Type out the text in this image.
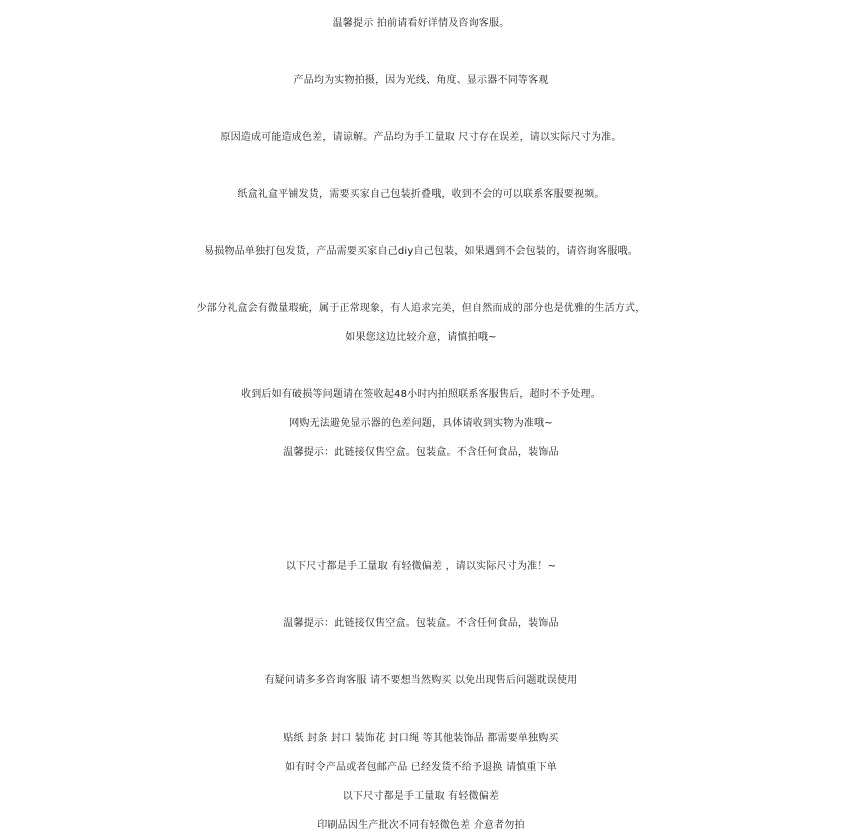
温馨提示 拍前请看好详情及咨询客服。
产品均为实物拍摄，因为光线、角度、显示器不同等客观
原因造成可能造成色差，请谅解。产品均为手工量取 尺寸存在误差，请以实际尺寸为准。
纸盒礼盒平铺发货，需要买家自己包装折叠哦，收到不会的可以联系客服要视频。
易损物品单独打包发货，产品需要买家自己diy自己包装，如果遇到不会包装的，请咨询客服哦。
少部分礼盒会有微量瑕疵，属于正常现象，有人追求完美，但自然而成的部分也是优雅的生活方式，
如果您这边比较介意，请慎拍哦~
收到后如有破损等问题请在签收起48小时内拍照联系客服售后，超时不予处理。
网购无法避免显示器的色差问题，具体请收到实物为准哦~
温馨提示：此链接仅售空盒。包装盒。不含任何食品，装饰品
以下尺寸都是手工量取 有轻微偏差 ，请以实际尺寸为准！~
温馨提示：此链接仅售空盒。包装盒。不含任何食品，装饰品
有疑问请多多咨询客服 请不要想当然购买 以免出现售后问题耽误使用
贴纸 封条 封口 装饰花 封口绳 等其他装饰品 都需要单独购买
如有时令产品或者包邮产品 已经发货不给予退换 请慎重下单
以下尺寸都是手工量取 有轻微偏差
印刷品因生产批次不同有轻微色差 介意者勿拍
